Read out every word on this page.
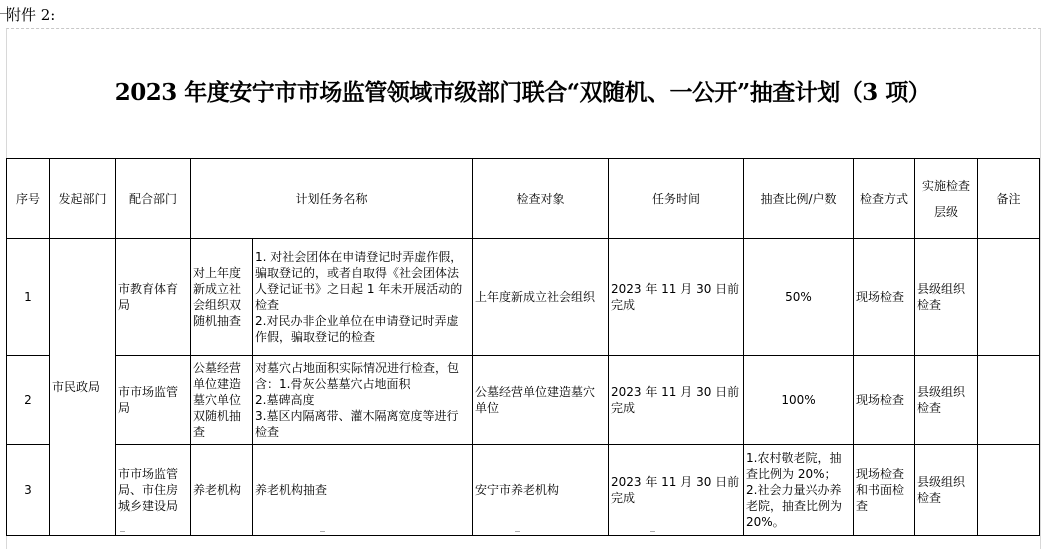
附件 2:
2023 年度安宁市市场监管领域市级部门联合“双随机、一公开”抽查计划（3 项）
序号	发起部门	配合部门	计划任务名称		检查对象	任务时间	抽查比例/户数	检查方式	实施检查层级	备注
1	市民政局	市教育体育局	对上年度新成立社会组织双随机抽查	1. 对社会团体在申请登记时弄虚作假，骗取登记的，或者自取得《社会团体法人登记证书》之日起 1 年未开展活动的检查
2.对民办非企业单位在申请登记时弄虚作假，骗取登记的检查	上年度新成立社会组织	2023 年 11 月 30 日前完成	50%	现场检查	县级组织检查	
2		市市场监管局	公墓经营单位建造墓穴单位双随机抽查	对墓穴占地面积实际情况进行检查，包含：1.骨灰公墓墓穴占地面积
2.墓碑高度
3.墓区内隔离带、灌木隔离宽度等进行检查	公墓经营单位建造墓穴单位	2023 年 11 月 30 日前完成	100%	现场检查	县级组织检查	
3		市市场监管局、市住房城乡建设局	养老机构	养老机构抽查	安宁市养老机构	2023 年 11 月 30 日前完成	1.农村敬老院，抽查比例为 20%；
2.社会力量兴办养老院，抽查比例为 20%。	现场检查和书面检查	县级组织检查	
